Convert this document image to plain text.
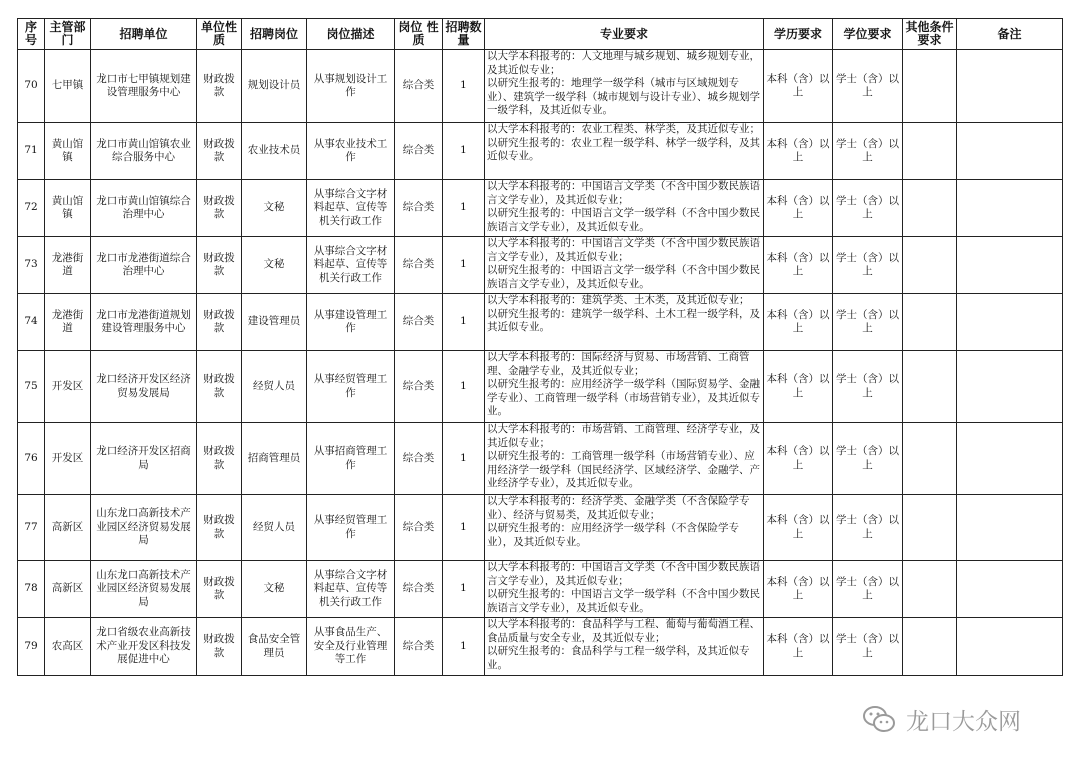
序号	主管部门	招聘单位	单位性质	招聘岗位	岗位描述	岗位 性质	招聘数量	专业要求	学历要求	学位要求	其他条件要求	备注
70	七甲镇	龙口市七甲镇规划建设管理服务中心	财政拨款	规划设计员	从事规划设计工作	综合类	1	以大学本科报考的：人文地理与城乡规划、城乡规划专业，及其近似专业；
以研究生报考的：地理学一级学科（城市与区域规划专业）、建筑学一级学科（城市规划与设计专业）、城乡规划学一级学科，及其近似专业。	本科（含）以上	学士（含）以上		
71	黄山馆镇	龙口市黄山馆镇农业综合服务中心	财政拨款	农业技术员	从事农业技术工作	综合类	1	以大学本科报考的：农业工程类、林学类，及其近似专业；
以研究生报考的：农业工程一级学科、林学一级学科，及其近似专业。	本科（含）以上	学士（含）以上		
72	黄山馆镇	龙口市黄山馆镇综合治理中心	财政拨款	文秘	从事综合文字材料起草、宣传等机关行政工作	综合类	1	以大学本科报考的：中国语言文学类（不含中国少数民族语言文学专业），及其近似专业；
以研究生报考的：中国语言文学一级学科（不含中国少数民族语言文学专业），及其近似专业。	本科（含）以上	学士（含）以上		
73	龙港街道	龙口市龙港街道综合治理中心	财政拨款	文秘	从事综合文字材料起草、宣传等机关行政工作	综合类	1	以大学本科报考的：中国语言文学类（不含中国少数民族语言文学专业），及其近似专业；
以研究生报考的：中国语言文学一级学科（不含中国少数民族语言文学专业），及其近似专业。	本科（含）以上	学士（含）以上		
74	龙港街道	龙口市龙港街道规划建设管理服务中心	财政拨款	建设管理员	从事建设管理工作	综合类	1	以大学本科报考的：建筑学类、土木类，及其近似专业；
以研究生报考的：建筑学一级学科、土木工程一级学科，及其近似专业。	本科（含）以上	学士（含）以上		
75	开发区	龙口经济开发区经济贸易发展局	财政拨款	经贸人员	从事经贸管理工作	综合类	1	以大学本科报考的：国际经济与贸易、市场营销、工商管理、金融学专业，及其近似专业；
以研究生报考的：应用经济学一级学科（国际贸易学、金融学专业）、工商管理一级学科（市场营销专业），及其近似专业。	本科（含）以上	学士（含）以上		
76	开发区	龙口经济开发区招商局	财政拨款	招商管理员	从事招商管理工作	综合类	1	以大学本科报考的：市场营销、工商管理、经济学专业，及其近似专业；
以研究生报考的：工商管理一级学科（市场营销专业）、应用经济学一级学科（国民经济学、区域经济学、金融学、产业经济学专业），及其近似专业。	本科（含）以上	学士（含）以上		
77	高新区	山东龙口高新技术产业园区经济贸易发展局	财政拨款	经贸人员	从事经贸管理工作	综合类	1	以大学本科报考的：经济学类、金融学类（不含保险学专业）、经济与贸易类，及其近似专业；
以研究生报考的：应用经济学一级学科（不含保险学专业），及其近似专业。	本科（含）以上	学士（含）以上		
78	高新区	山东龙口高新技术产业园区经济贸易发展局	财政拨款	文秘	从事综合文字材料起草、宣传等机关行政工作	综合类	1	以大学本科报考的：中国语言文学类（不含中国少数民族语言文学专业），及其近似专业；
以研究生报考的：中国语言文学一级学科（不含中国少数民族语言文学专业），及其近似专业。	本科（含）以上	学士（含）以上		
79	农高区	龙口省级农业高新技术产业开发区科技发展促进中心	财政拨款	食品安全管理员	从事食品生产、安全及行业管理等工作	综合类	1	以大学本科报考的：食品科学与工程、葡萄与葡萄酒工程、食品质量与安全专业，及其近似专业；
以研究生报考的：食品科学与工程一级学科，及其近似专业。	本科（含）以上	学士（含）以上		
龙口大众网
